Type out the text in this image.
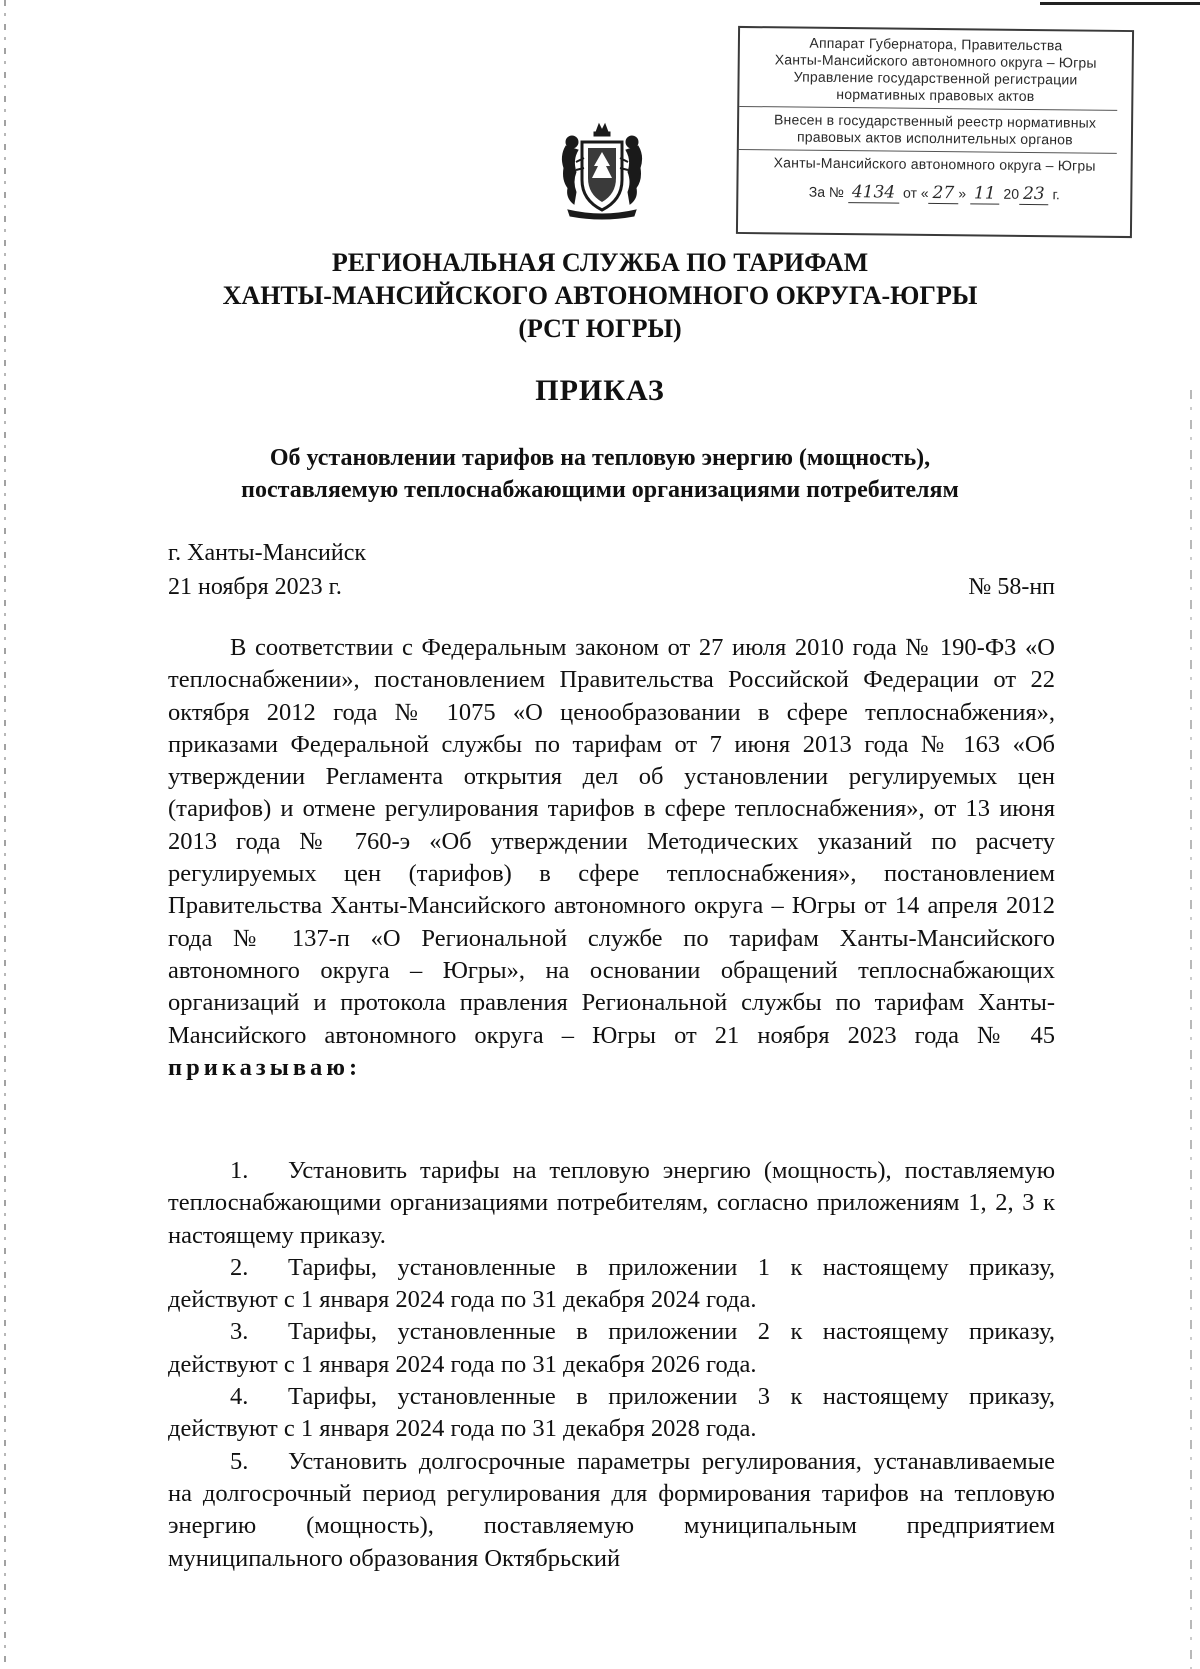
Аппарат Губернатора, Правительства
Ханты-Мансийского автономного округа – Югры
Управление государственной регистрации
нормативных правовых актов
Внесен в государственный реестр нормативных
правовых актов исполнительных органов
Ханты-Мансийского автономного округа – Югры
За № 4134 от « 27 » 11 20 23 г.
РЕГИОНАЛЬНАЯ СЛУЖБА ПО ТАРИФАМ
ХАНТЫ-МАНСИЙСКОГО АВТОНОМНОГО ОКРУГА-ЮГРЫ
(РСТ ЮГРЫ)
ПРИКАЗ
Об установлении тарифов на тепловую энергию (мощность),
поставляемую теплоснабжающими организациями потребителям
г. Ханты-Мансийск
21 ноября 2023 г.	№ 58-нп

В соответствии с Федеральным законом от 27 июля 2010 года № 190-ФЗ «О теплоснабжении», постановлением Правительства Российской Федерации от 22 октября 2012 года № 1075 «О ценообразовании в сфере теплоснабжения», приказами Федеральной службы по тарифам от 7 июня 2013 года № 163 «Об утверждении Регламента открытия дел об установлении регулируемых цен (тарифов) и отмене регулирования тарифов в сфере теплоснабжения», от 13 июня 2013 года № 760-э «Об утверждении Методических указаний по расчету регулируемых цен (тарифов) в сфере теплоснабжения», постановлением Правительства Ханты-Мансийского автономного округа – Югры от 14 апреля 2012 года № 137-п «О Региональной службе по тарифам Ханты-Мансийского автономного округа – Югры», на основании обращений теплоснабжающих организаций и протокола правления Региональной службы по тарифам Ханты-Мансийского автономного округа – Югры от 21 ноября 2023 года № 45 приказываю:

1. Установить тарифы на тепловую энергию (мощность), поставляемую теплоснабжающими организациями потребителям, согласно приложениям 1, 2, 3 к настоящему приказу.

2. Тарифы, установленные в приложении 1 к настоящему приказу, действуют с 1 января 2024 года по 31 декабря 2024 года.

3. Тарифы, установленные в приложении 2 к настоящему приказу, действуют с 1 января 2024 года по 31 декабря 2026 года.

4. Тарифы, установленные в приложении 3 к настоящему приказу, действуют с 1 января 2024 года по 31 декабря 2028 года.

5. Установить долгосрочные параметры регулирования, устанавливаемые на долгосрочный период регулирования для формирования тарифов на тепловую энергию (мощность), поставляемую муниципальным предприятием муниципального образования Октябрьский
